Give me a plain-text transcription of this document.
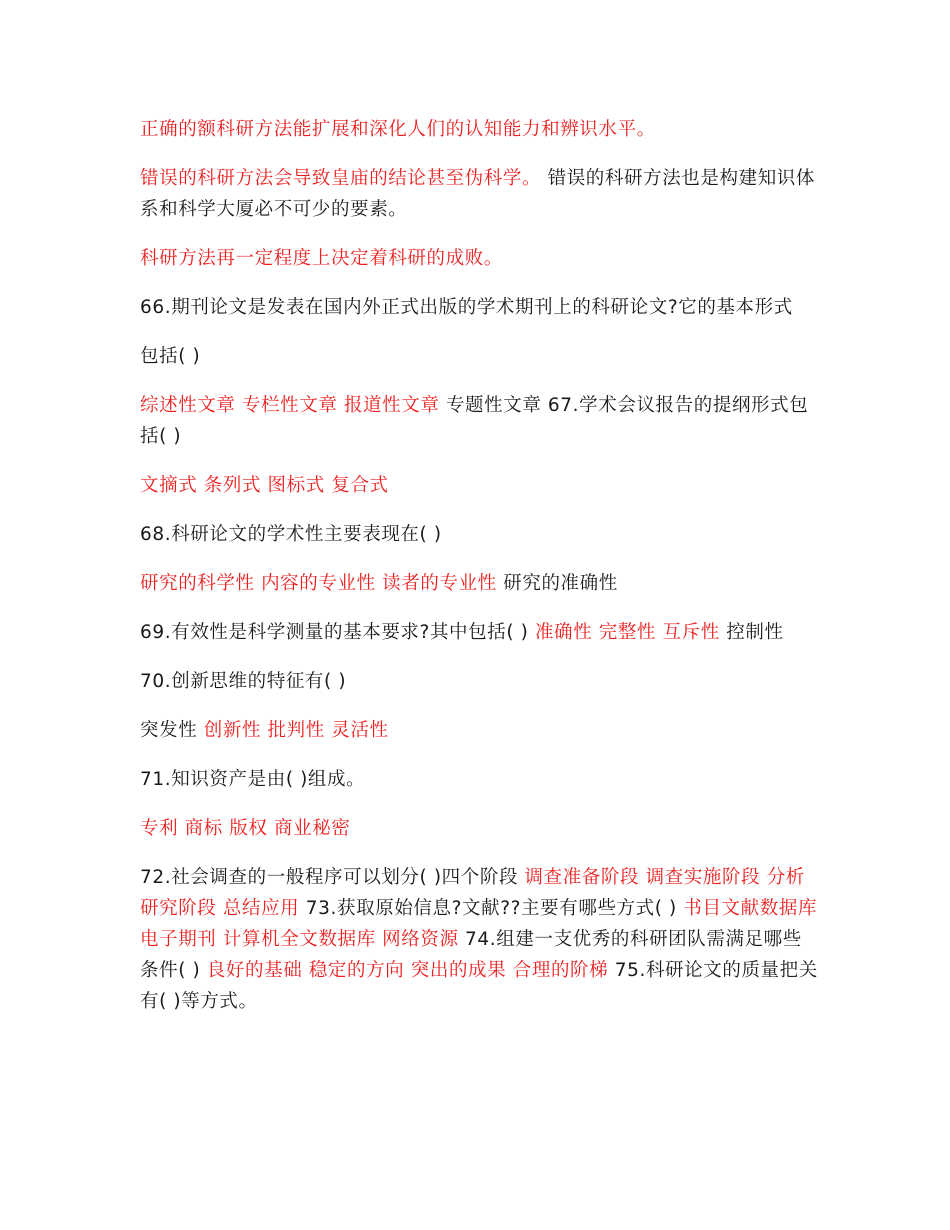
正确的额科研方法能扩展和深化人们的认知能力和辨识水平。

错误的科研方法会导致皇庙的结论甚至伪科学。 错误的科研方法也是构建知识体系和科学大厦必不可少的要素。

科研方法再一定程度上决定着科研的成败。

66.期刊论文是发表在国内外正式出版的学术期刊上的科研论文?它的基本形式

包括( )

综述性文章 专栏性文章 报道性文章 专题性文章 67.学术会议报告的提纲形式包括( )

文摘式 条列式 图标式 复合式

68.科研论文的学术性主要表现在( )

研究的科学性 内容的专业性 读者的专业性 研究的准确性

69.有效性是科学测量的基本要求?其中包括( ) 准确性 完整性 互斥性 控制性

70.创新思维的特征有( )

突发性 创新性 批判性 灵活性

71.知识资产是由( )组成。

专利 商标 版权 商业秘密

72.社会调查的一般程序可以划分( )四个阶段 调查准备阶段 调查实施阶段 分析研究阶段 总结应用 73.获取原始信息?文献??主要有哪些方式( ) 书目文献数据库 电子期刊 计算机全文数据库 网络资源 74.组建一支优秀的科研团队需满足哪些条件( ) 良好的基础 稳定的方向 突出的成果 合理的阶梯 75.科研论文的质量把关有( )等方式。
